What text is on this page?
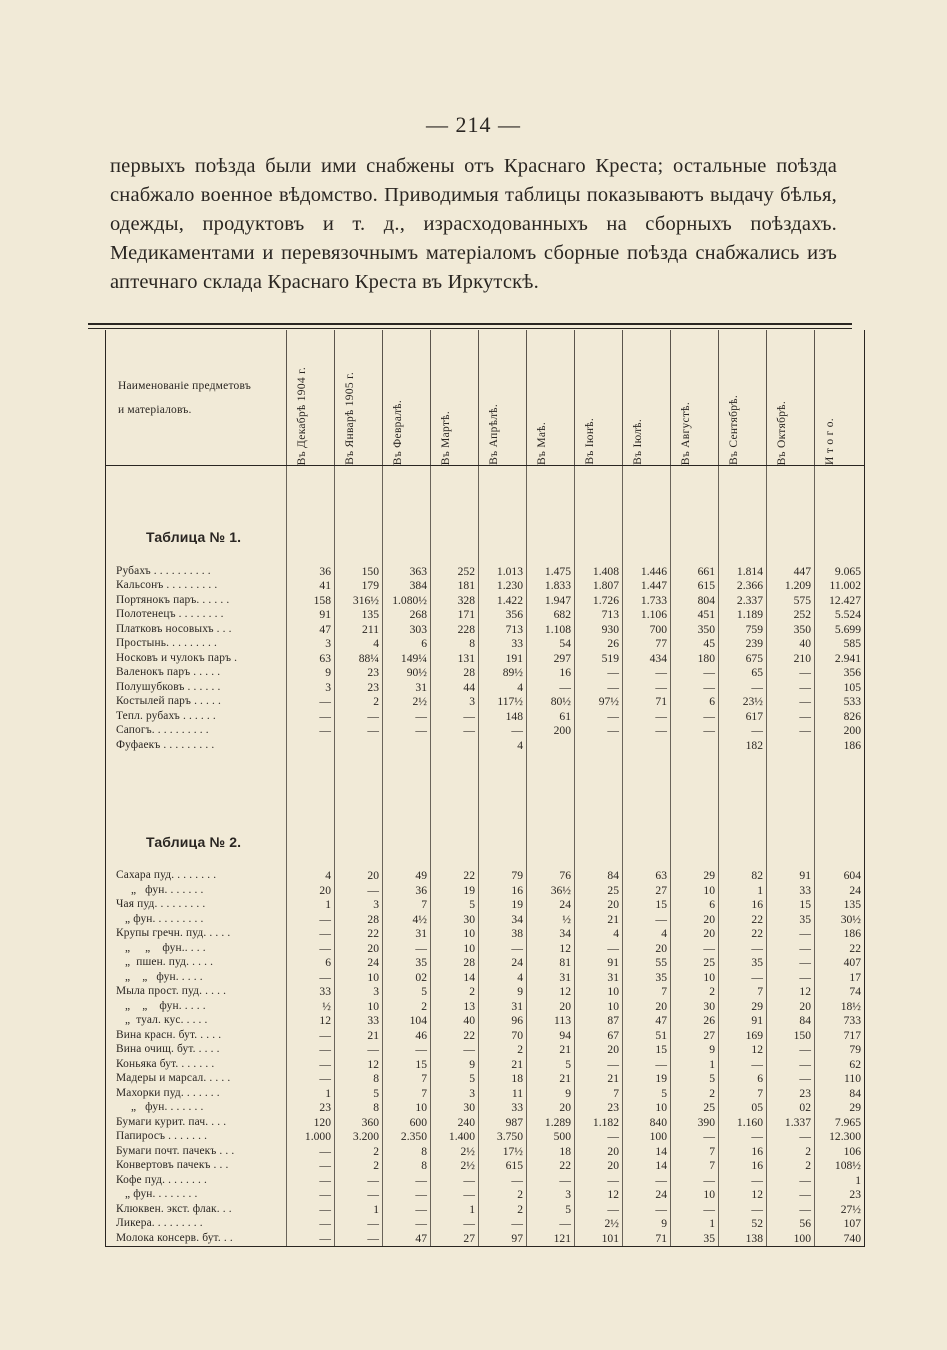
— 214 —

первыхъ поѣзда были ими снабжены отъ Краснаго Креста; остальные поѣзда снабжало военное вѣдомство. Приводимыя таблицы показываютъ выдачу бѣлья, одежды, продуктовъ и т. д., израсходованныхъ на сборныхъ поѣздахъ. Медикаментами и перевязочнымъ матеріаломъ сборные поѣзда снабжались изъ аптечнаго склада Краснаго Креста въ Иркутскѣ.

Наименованіе предметовъ
и матеріаловъ.	Въ Декабрѣ 1904 г.	Въ Январѣ 1905 г.	Въ Февралѣ.	Въ Мартѣ.	Въ Апрѣлѣ.	Въ Маѣ.	Въ Іюнѣ.	Въ Іюлѣ.	Въ Августѣ.	Въ Сентябрѣ.	Въ Октябрѣ.	И т о г о.

Таблица № 1.												

Рубахъ . . . . . . . . . .	36	150	363	252	1.013	1.475	1.408	1.446	661	1.814	447	9.065
Кальсонъ . . . . . . . . .	41	179	384	181	1.230	1.833	1.807	1.447	615	2.366	1.209	11.002
Портянокъ паръ. . . . . .	158	316½	1.080½	328	1.422	1.947	1.726	1.733	804	2.337	575	12.427
Полотенецъ . . . . . . . .	91	135	268	171	356	682	713	1.106	451	1.189	252	5.524
Платковъ носовыхъ . . .	47	211	303	228	713	1.108	930	700	350	759	350	5.699
Простынь. . . . . . . . .	3	4	6	8	33	54	26	77	45	239	40	585
Носковъ и чулокъ паръ .	63	88¼	149¼	131	191	297	519	434	180	675	210	2.941
Валенокъ паръ . . . . .	9	23	90½	28	89½	16	—	—	—	65	—	356
Полушубковъ . . . . . .	3	23	31	44	4	—	—	—	—	—	—	105
Костылей паръ . . . . .	—	2	2½	3	117½	80½	97½	71	6	23½	—	533
Тепл. рубахъ . . . . . .	—	—	—	—	148	61	—	—	—	617	—	826
Сапогъ. . . . . . . . . .	—	—	—	—	—	200	—	—	—	—	—	200
Фуфаекъ . . . . . . . . .					4					182		186

Таблица № 2.												

Сахара пуд. . . . . . . .	4	20	49	22	79	76	84	63	29	82	91	604
„   фун. . . . . . .	20	—	36	19	16	36½	25	27	10	1	33	24
Чая пуд. . . . . . . . .	1	3	7	5	19	24	20	15	6	16	15	135
„ фун. . . . . . . . .	—	28	4½	30	34	½	21	—	20	22	35	30½
Крупы гречн. пуд. . . . .	—	22	31	10	38	34	4	4	20	22	—	186
„     „    фун.. . . .	—	20	—	10	—	12	—	20	—	—	—	22
„  пшен. пуд. . . . .	6	24	35	28	24	81	91	55	25	35	—	407
„    „   фун. . . . .	—	10	02	14	4	31	31	35	10	—	—	17
Мыла прост. пуд. . . . .	33	3	5	2	9	12	10	7	2	7	12	74
„    „    фун. . . . .	½	10	2	13	31	20	10	20	30	29	20	18½
„  туал. кус. . . . .	12	33	104	40	96	113	87	47	26	91	84	733
Вина красн. бут. . . . .	—	21	46	22	70	94	67	51	27	169	150	717
Вина очищ. бут. . . . .	—	—	—	—	2	21	20	15	9	12	—	79
Коньяка бут. . . . . . .	—	12	15	9	21	5	—	—	1	—	—	62
Мадеры и марсал. . . . .	—	8	7	5	18	21	21	19	5	6	—	110
Махорки пуд. . . . . . .	1	5	7	3	11	9	7	5	2	7	23	84
„   фун. . . . . . .	23	8	10	30	33	20	23	10	25	05	02	29
Бумаги курит. пач. . . .	120	360	600	240	987	1.289	1.182	840	390	1.160	1.337	7.965
Папиросъ . . . . . . .	1.000	3.200	2.350	1.400	3.750	500	—	100	—	—	—	12.300
Бумаги почт. пачекъ . . .	—	2	8	2½	17½	18	20	14	7	16	2	106
Конвертовъ пачекъ . . .	—	2	8	2½	615	22	20	14	7	16	2	108½
Кофе пуд. . . . . . . .	—	—	—	—	—	—	—	—	—	—	—	1
„ фун. . . . . . . .	—	—	—	—	2	3	12	24	10	12	—	23
Клюквен. экст. флак. . .	—	1	—	1	2	5	—	—	—	—	—	27½
Ликера. . . . . . . . .	—	—	—	—	—	—	2½	9	1	52	56	107
Молока консерв. бут. . .	—	—	47	27	97	121	101	71	35	138	100	740
